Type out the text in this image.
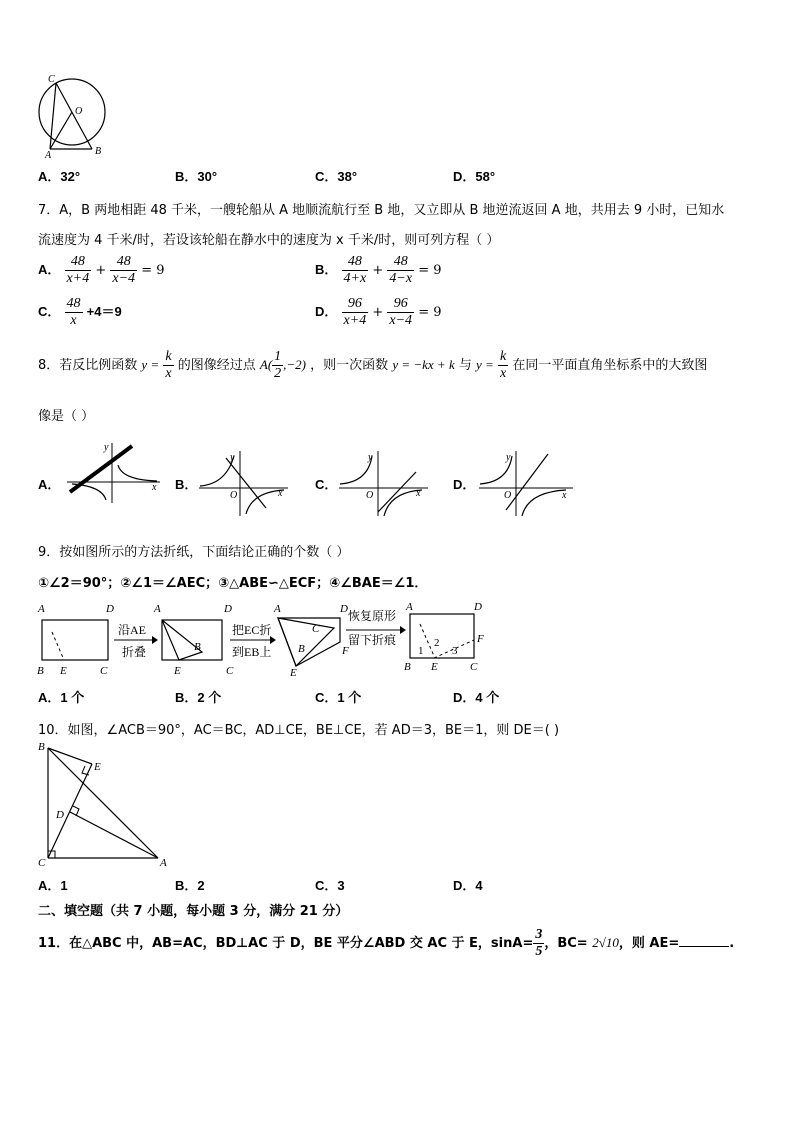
C
O
A	B
A．32°	B．30°	C．38°	D．58°
7．A，B 两地相距 48 千米，一艘轮船从 A 地顺流航行至 B 地，又立即从 B 地逆流返回 A 地，共用去 9 小时，已知水
流速度为 4 千米/时，若设该轮船在静水中的速度为 x 千米/时，则可列方程（ ）
A． $\frac{48}{x+4} + \frac{48}{x-4} = 9$	B． $\frac{48}{4+x} + \frac{48}{4-x} = 9$
C． $\frac{48}{x} +4=9$	D． $\frac{96}{x+4} + \frac{96}{x-4} = 9$
8．若反比例函数 $y = \frac{k}{x}$ 的图像经过点 $A( \frac{1}{2} ,-2)$ ，则一次函数 y = −kx + k 与 $y = \frac{k}{x}$ 在同一平面直角坐标系中的大致图
像是（ ）
A．
y
x B．
y
x
O
C．
y
x
O
D．
y
x
O
9．按如图所示的方法折纸，下面结论正确的个数（ ）
①∠2＝90°；②∠1＝∠AEC；③△ABE∽△ECF；④∠BAE＝∠1．
A	D
B E	C
沿AE
折叠
A	D
B
E	C
把EC折
到EB上
A	D
C
B	F
E
恢复原形
留下折痕
A	D
F
B E	C
1
2
3
A．1 个	B．2 个	C．1 个	D．4 个
10．如图，∠ACB＝90°，AC＝BC，AD⊥CE，BE⊥CE，若 AD＝3，BE＝1，则 DE＝( )
B
E
D
C	A
A．1	B．2	C．3	D．4
二、填空题（共 7 小题，每小题 3 分，满分 21 分）
11．在△ABC 中，AB=AC，BD⊥AC 于 D，BE 平分∠ABD 交 AC 于 E，$\sin A= \frac{3}{5}$ ，BC= 2√10，则 AE=	.
